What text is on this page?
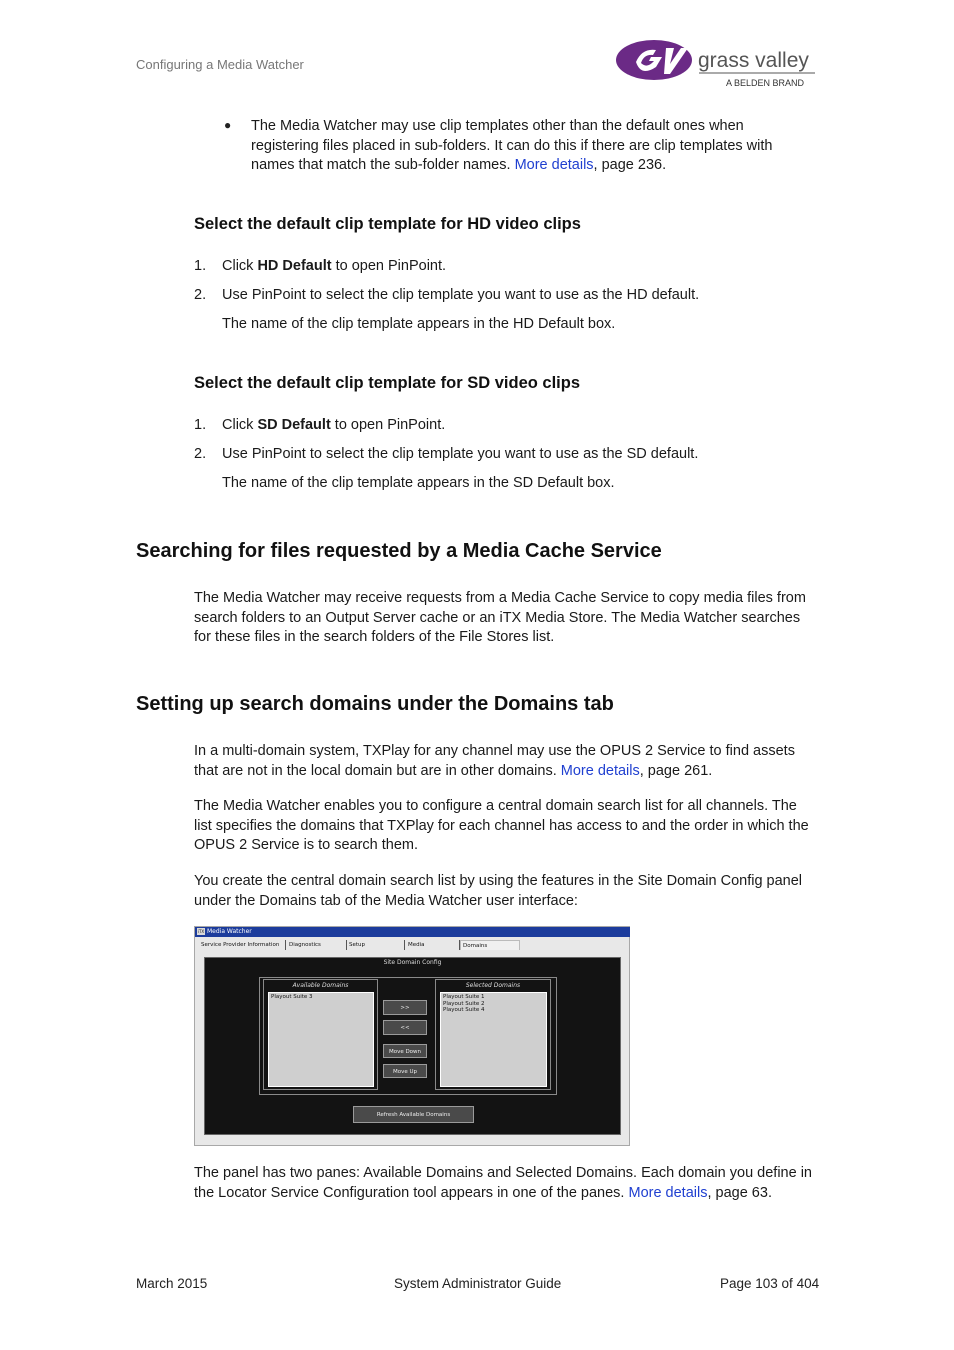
Configuring a Media Watcher	grass valley
A BELDEN BRAND
● The Media Watcher may use clip templates other than the default ones when registering files placed in sub-folders. It can do this if there are clip templates with names that match the sub-folder names. More details, page 236.
Select the default clip template for HD video clips
1.	Click HD Default to open PinPoint.
2.	Use PinPoint to select the clip template you want to use as the HD default.
The name of the clip template appears in the HD Default box.
Select the default clip template for SD video clips
1.	Click SD Default to open PinPoint.
2.	Use PinPoint to select the clip template you want to use as the SD default.
The name of the clip template appears in the SD Default box.
Searching for files requested by a Media Cache Service
The Media Watcher may receive requests from a Media Cache Service to copy media files from search folders to an Output Server cache or an iTX Media Store. The Media Watcher searches for these files in the search folders of the File Stores list.
Setting up search domains under the Domains tab
In a multi-domain system, TXPlay for any channel may use the OPUS 2 Service to find assets that are not in the local domain but are in other domains. More details, page 261.
The Media Watcher enables you to configure a central domain search list for all channels. The list specifies the domains that TXPlay for each channel has access to and the order in which the OPUS 2 Service is to search them.
You create the central domain search list by using the features in the Site Domain Config panel under the Domains tab of the Media Watcher user interface:
iTX Media Watcher
Service Provider Information	Diagnostics	Setup	Media	Domains
Site Domain Config
Available Domains
Playout Suite 3
>>
<<
Move Down
Move Up
Selected Domains
Playout Suite 1
Playout Suite 2
Playout Suite 4
Refresh Available Domains
The panel has two panes: Available Domains and Selected Domains. Each domain you define in the Locator Service Configuration tool appears in one of the panes. More details, page 63.
March 2015	System Administrator Guide	Page 103 of 404
